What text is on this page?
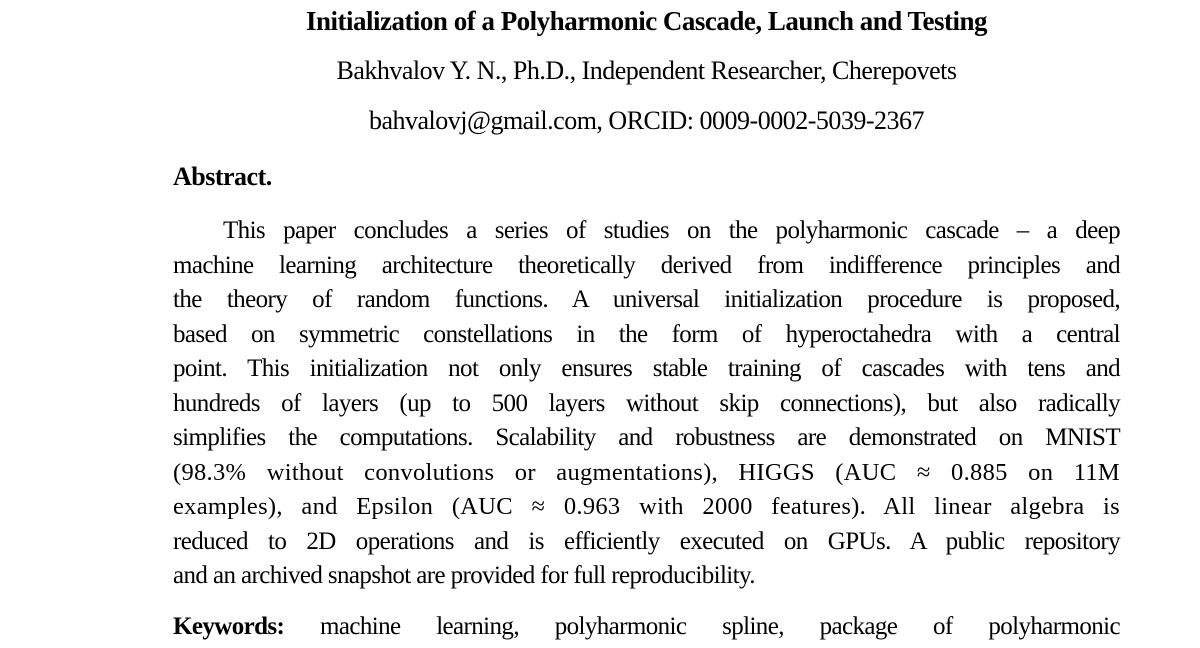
Initialization of a Polyharmonic Cascade, Launch and Testing
Bakhvalov Y. N., Ph.D., Independent Researcher, Cherepovets
bahvalovj@gmail.com, ORCID: 0009-0002-5039-2367
Abstract.
This paper concludes a series of studies on the polyharmonic cascade – a deep
machine learning architecture theoretically derived from indifference principles and
the theory of random functions. A universal initialization procedure is proposed,
based on symmetric constellations in the form of hyperoctahedra with a central
point. This initialization not only ensures stable training of cascades with tens and
hundreds of layers (up to 500 layers without skip connections), but also radically
simplifies the computations. Scalability and robustness are demonstrated on MNIST
(98.3% without convolutions or augmentations), HIGGS (AUC ≈ 0.885 on 11M
examples), and Epsilon (AUC ≈ 0.963 with 2000 features). All linear algebra is
reduced to 2D operations and is efficiently executed on GPUs. A public repository
and an archived snapshot are provided for full reproducibility.
Keywords: machine learning, polyharmonic spline, package of polyharmonic
